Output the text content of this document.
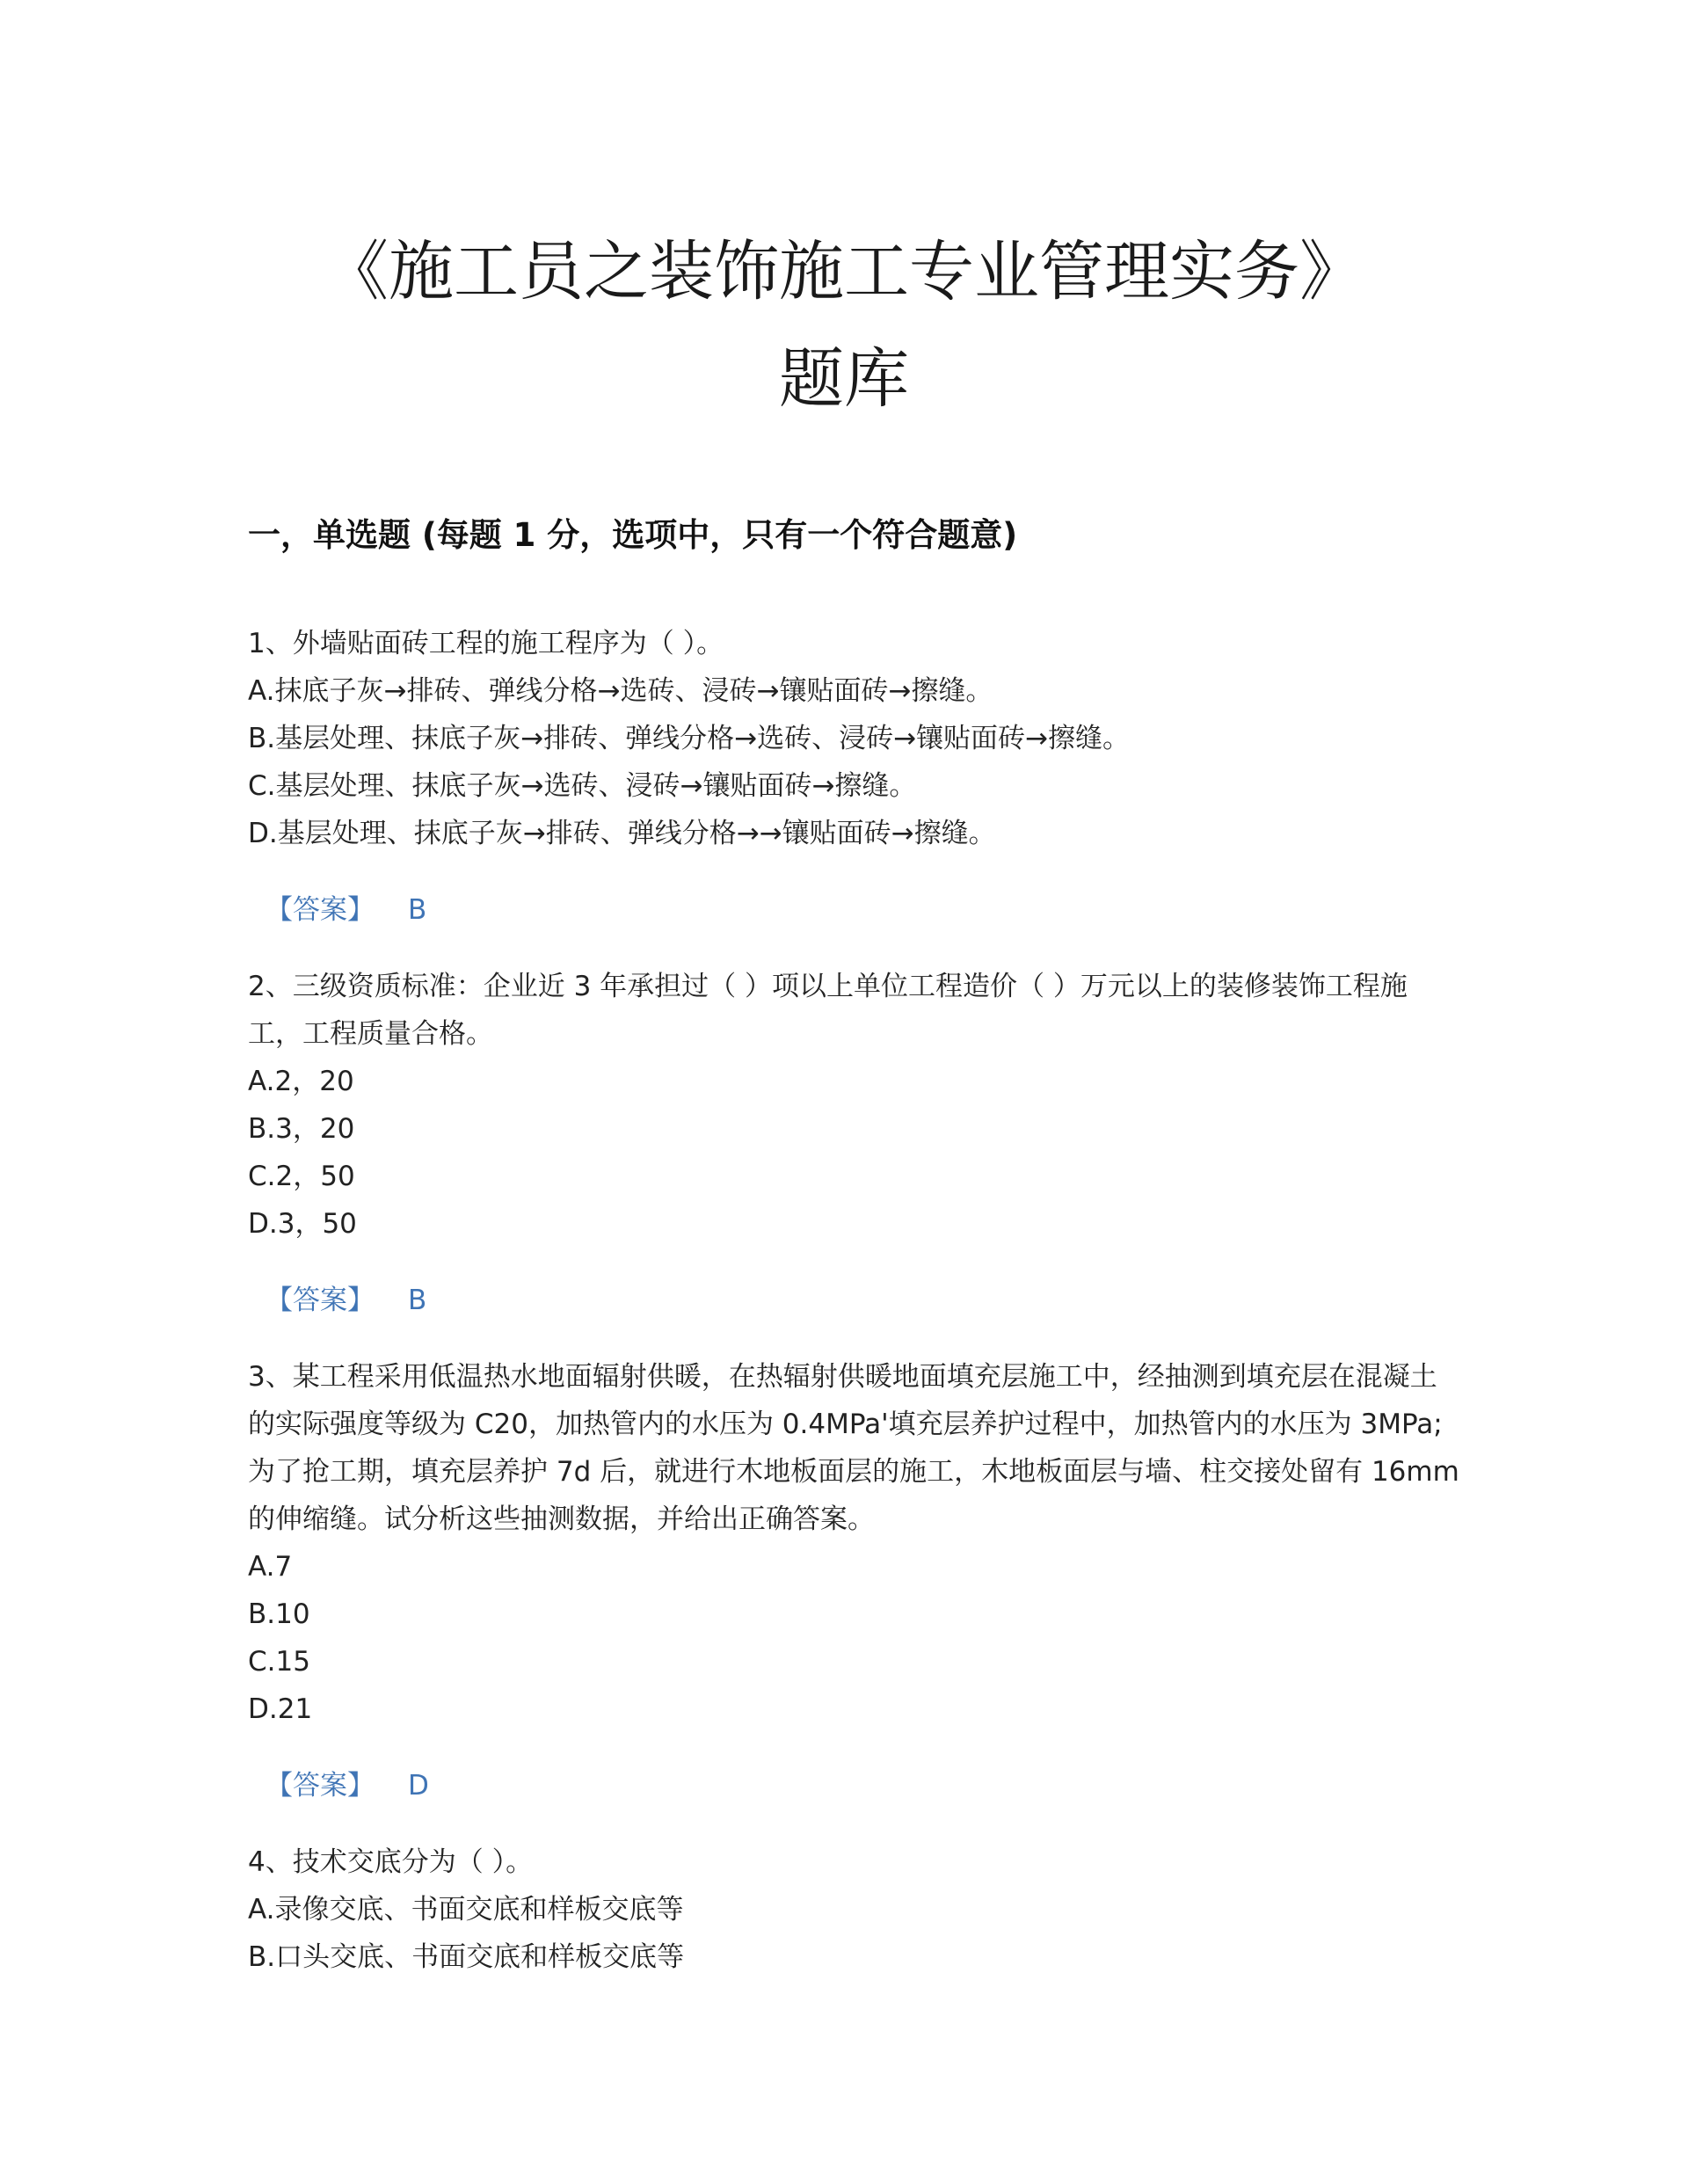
《施工员之装饰施工专业管理实务》
题库
一，单选题 (每题 1 分，选项中，只有一个符合题意)

1、外墙贴面砖工程的施工程序为（ ）。

A.抹底子灰→排砖、弹线分格→选砖、浸砖→镶贴面砖→擦缝。

B.基层处理、抹底子灰→排砖、弹线分格→选砖、浸砖→镶贴面砖→擦缝。

C.基层处理、抹底子灰→选砖、浸砖→镶贴面砖→擦缝。

D.基层处理、抹底子灰→排砖、弹线分格→→镶贴面砖→擦缝。

【答案】 B

2、三级资质标准：企业近 3 年承担过（ ）项以上单位工程造价（ ）万元以上的装修装饰工程施工，工程质量合格。

A.2，20

B.3，20

C.2，50

D.3，50

【答案】 B

3、某工程采用低温热水地面辐射供暖，在热辐射供暖地面填充层施工中，经抽测到填充层在混凝土的实际强度等级为 C20，加热管内的水压为 0.4MPa'填充层养护过程中，加热管内的水压为 3MPa;为了抢工期，填充层养护 7d 后，就进行木地板面层的施工，木地板面层与墙、柱交接处留有 16mm 的伸缩缝。试分析这些抽测数据，并给出正确答案。

A.7

B.10

C.15

D.21

【答案】 D

4、技术交底分为（ ）。

A.录像交底、书面交底和样板交底等

B.口头交底、书面交底和样板交底等
